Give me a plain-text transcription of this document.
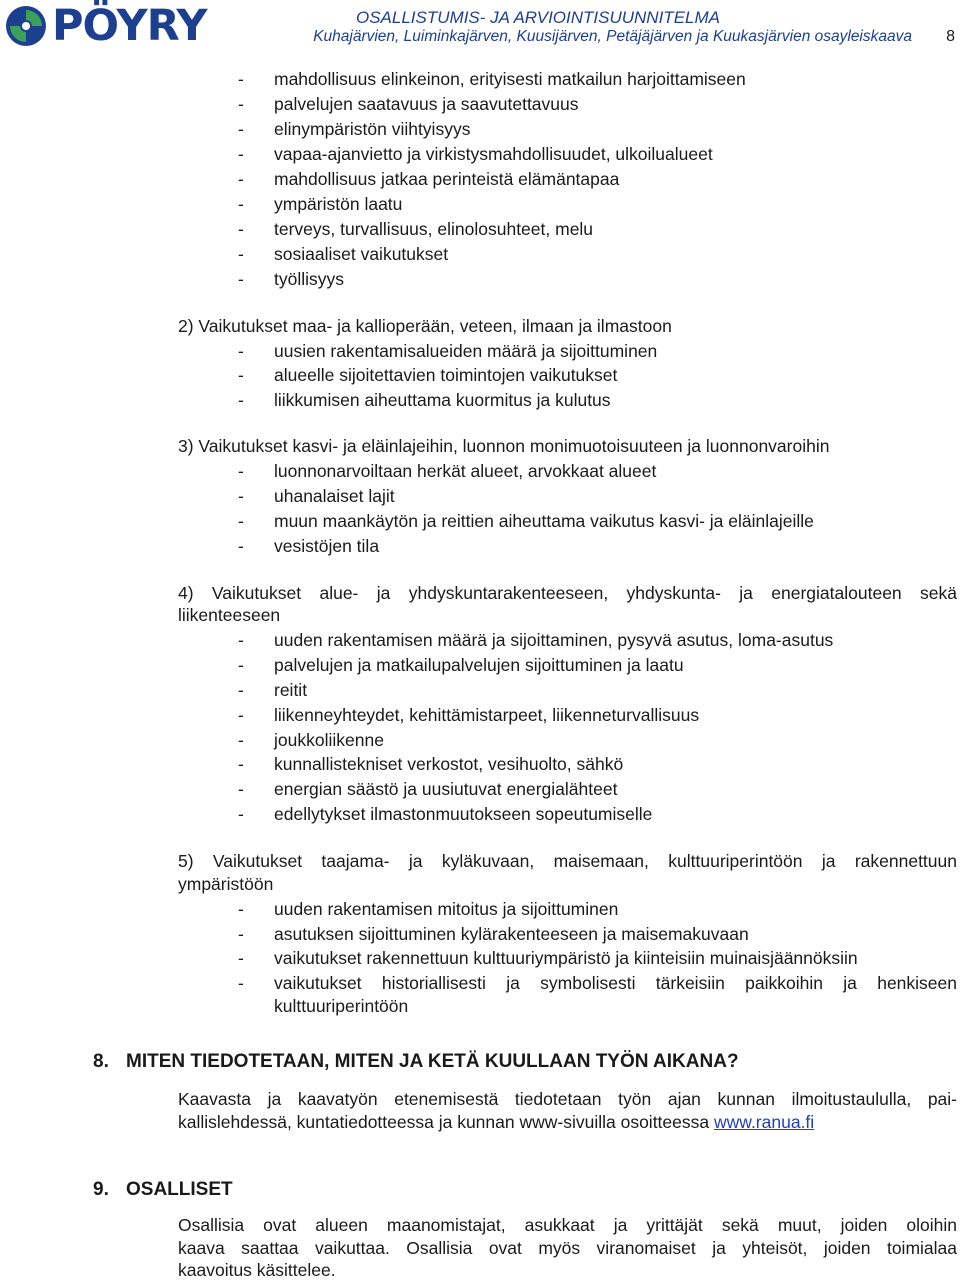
PÖYRY	OSALLISTUMIS- JA ARVIOINTISUUNNITELMA
Kuhajärvien, Luiminkajärven, Kuusijärven, Petäjäjärven ja Kuukasjärvien osayleiskaava 8
- mahdollisuus elinkeinon, erityisesti matkailun harjoittamiseen
- palvelujen saatavuus ja saavutettavuus
- elinympäristön viihtyisyys
- vapaa-ajanvietto ja virkistysmahdollisuudet, ulkoilualueet
- mahdollisuus jatkaa perinteistä elämäntapaa
- ympäristön laatu
- terveys, turvallisuus, elinolosuhteet, melu
- sosiaaliset vaikutukset
- työllisyys
2) Vaikutukset maa- ja kallioperään, veteen, ilmaan ja ilmastoon
- uusien rakentamisalueiden määrä ja sijoittuminen
- alueelle sijoitettavien toimintojen vaikutukset
- liikkumisen aiheuttama kuormitus ja kulutus
3) Vaikutukset kasvi- ja eläinlajeihin, luonnon monimuotoisuuteen ja luonnonvaroihin
- luonnonarvoiltaan herkät alueet, arvokkaat alueet
- uhanalaiset lajit
- muun maankäytön ja reittien aiheuttama vaikutus kasvi- ja eläinlajeille
- vesistöjen tila
4) Vaikutukset alue- ja yhdyskuntarakenteeseen, yhdyskunta- ja energiatalouteen sekä
liikenteeseen
- uuden rakentamisen määrä ja sijoittaminen, pysyvä asutus, loma-asutus
- palvelujen ja matkailupalvelujen sijoittuminen ja laatu
- reitit
- liikenneyhteydet, kehittämistarpeet, liikenneturvallisuus
- joukkoliikenne
- kunnallistekniset verkostot, vesihuolto, sähkö
- energian säästö ja uusiutuvat energialähteet
- edellytykset ilmastonmuutokseen sopeutumiselle
5) Vaikutukset taajama- ja kyläkuvaan, maisemaan, kulttuuriperintöön ja rakennettuun
ympäristöön
- uuden rakentamisen mitoitus ja sijoittuminen
- asutuksen sijoittuminen kylärakenteeseen ja maisemakuvaan
- vaikutukset rakennettuun kulttuuriympäristö ja kiinteisiin muinaisjäännöksiin
- vaikutukset historiallisesti ja symbolisesti tärkeisiin paikkoihin ja henkiseen
kulttuuriperintöön
8. MITEN TIEDOTETAAN, MITEN JA KETÄ KUULLAAN TYÖN AIKANA?
Kaavasta ja kaavatyön etenemisestä tiedotetaan työn ajan kunnan ilmoitustaululla, pai-
kallislehdessä, kuntatiedotteessa ja kunnan www-sivuilla osoitteessa www.ranua.fi
9. OSALLISET
Osallisia ovat alueen maanomistajat, asukkaat ja yrittäjät sekä muut, joiden oloihin
kaava saattaa vaikuttaa. Osallisia ovat myös viranomaiset ja yhteisöt, joiden toimialaa
kaavoitus käsittelee.
